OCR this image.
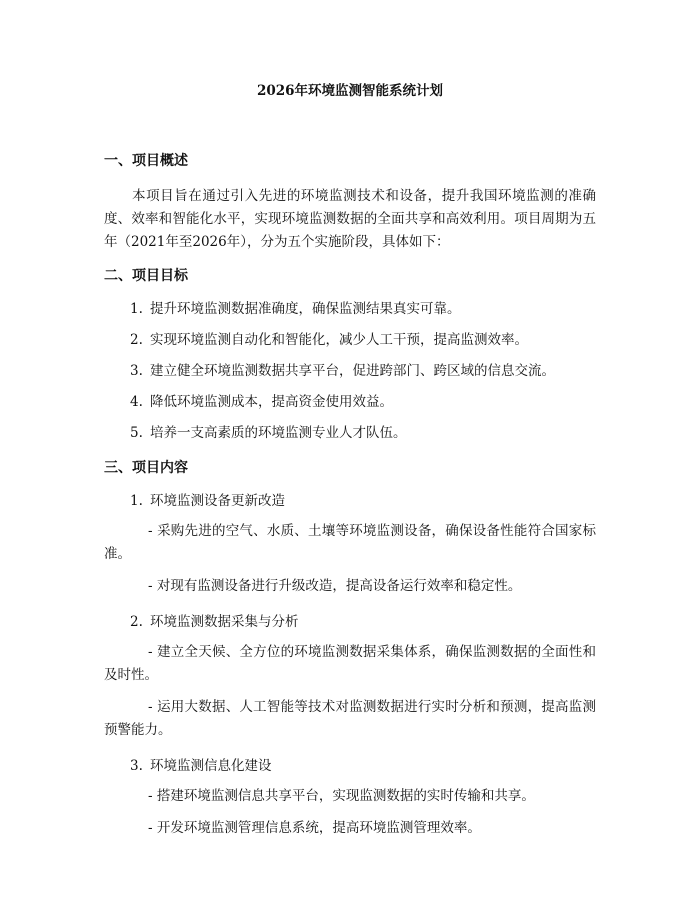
2026年环境监测智能系统计划
一、项目概述

本项目旨在通过引入先进的环境监测技术和设备，提升我国环境监测的准确度、效率和智能化水平，实现环境监测数据的全面共享和高效利用。项目周期为五年（2021年至2026年），分为五个实施阶段，具体如下：

二、项目目标
1. 提升环境监测数据准确度，确保监测结果真实可靠。
2. 实现环境监测自动化和智能化，减少人工干预，提高监测效率。
3. 建立健全环境监测数据共享平台，促进跨部门、跨区域的信息交流。
4. 降低环境监测成本，提高资金使用效益。
5. 培养一支高素质的环境监测专业人才队伍。
三、项目内容

1. 环境监测设备更新改造

- 采购先进的空气、水质、土壤等环境监测设备，确保设备性能符合国家标准。

- 对现有监测设备进行升级改造，提高设备运行效率和稳定性。

2. 环境监测数据采集与分析

- 建立全天候、全方位的环境监测数据采集体系，确保监测数据的全面性和及时性。

- 运用大数据、人工智能等技术对监测数据进行实时分析和预测，提高监测预警能力。

3. 环境监测信息化建设

- 搭建环境监测信息共享平台，实现监测数据的实时传输和共享。

- 开发环境监测管理信息系统，提高环境监测管理效率。
